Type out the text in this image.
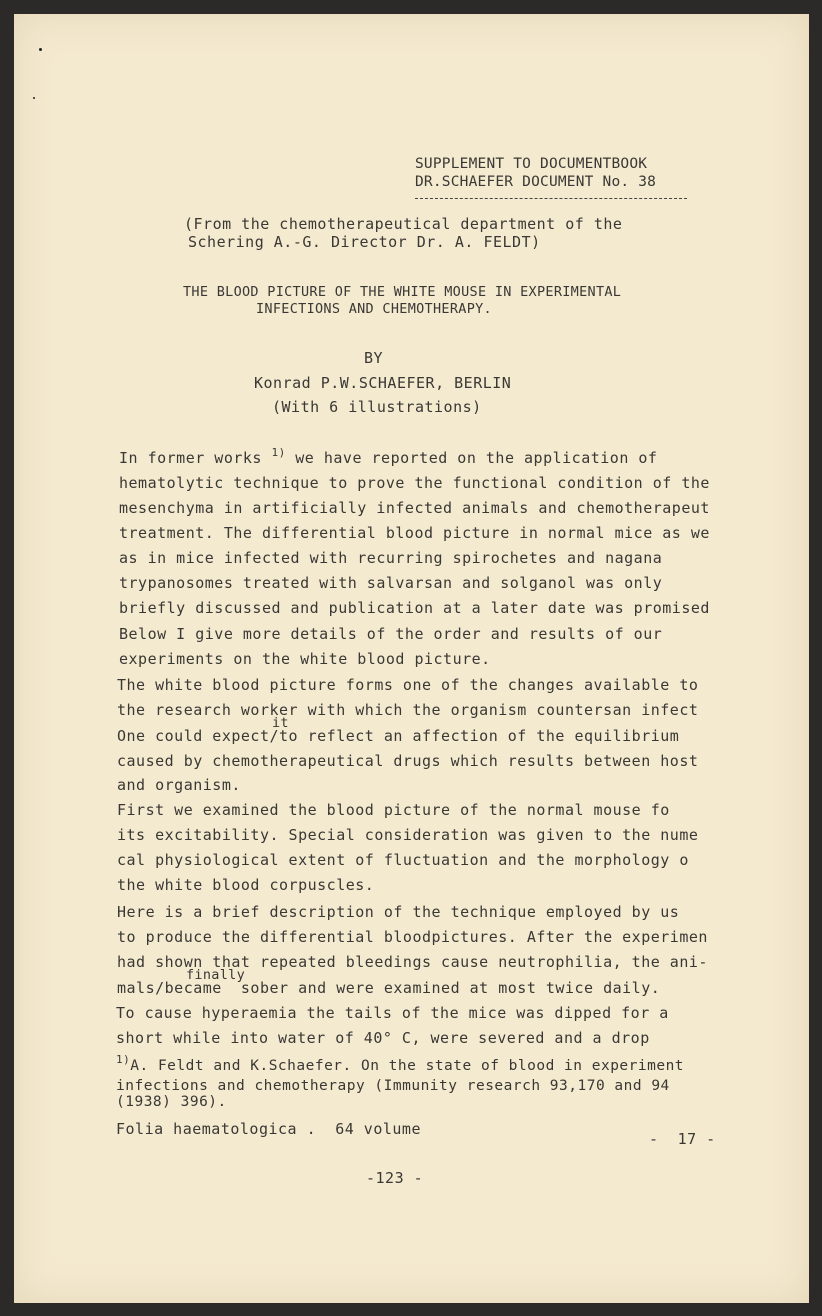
SUPPLEMENT TO DOCUMENTBOOK
DR.SCHAEFER DOCUMENT No. 38
(From the chemotherapeutical department of the
Schering A.-G. Director Dr. A. FELDT)
THE BLOOD PICTURE OF THE WHITE MOUSE IN EXPERIMENTAL
INFECTIONS AND CHEMOTHERAPY.
BY
Konrad P.W.SCHAEFER, BERLIN
(With 6 illustrations)
In former works $^{1)}$ we have reported on the application of
hematolytic technique to prove the functional condition of the
mesenchyma in artificially infected animals and chemotherapeut
treatment. The differential blood picture in normal mice as we
as in mice infected with recurring spirochetes and nagana
trypanosomes treated with salvarsan and solganol was only
briefly discussed and publication at a later date was promised
Below I give more details of the order and results of our
experiments on the white blood picture.
The white blood picture forms one of the changes available to
the research worker with which the organism countersan infect
it
One could expect/to reflect an affection of the equilibrium
caused by chemotherapeutical drugs which results between host
and organism.
First we examined the blood picture of the normal mouse fo
its excitability. Special consideration was given to the nume
cal physiological extent of fluctuation and the morphology o
the white blood corpuscles.
Here is a brief description of the technique employed by us
to produce the differential bloodpictures. After the experimen
had shown that repeated bleedings cause neutrophilia, the ani-
finally
mals/became  sober and were examined at most twice daily.
To cause hyperaemia the tails of the mice was dipped for a
short while into water of 40° C, were severed and a drop
$^{1)}$A. Feldt and K.Schaefer. On the state of blood in experiment
infections and chemotherapy (Immunity research 93,170 and 94
(1938) 396).
Folia haematologica .  64 volume
-  17 -
-123 -
